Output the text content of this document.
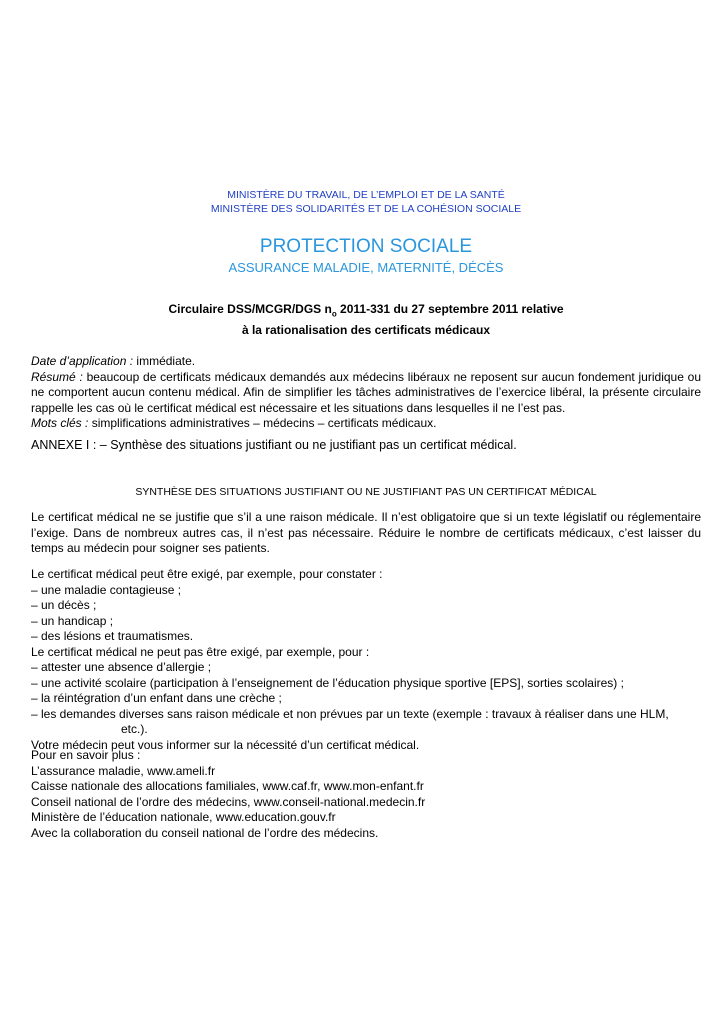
MINISTÈRE DU TRAVAIL, DE L’EMPLOI ET DE LA SANTÉ
MINISTÈRE DES SOLIDARITÉS ET DE LA COHÉSION SOCIALE
PROTECTION SOCIALE
ASSURANCE MALADIE, MATERNITÉ, DÉCÈS
Circulaire DSS/MCGR/DGS $n_o$ 2011-331 du 27 septembre 2011 relative
à la rationalisation des certificats médicaux
Date d’application : immédiate.
Résumé : beaucoup de certificats médicaux demandés aux médecins libéraux ne reposent sur aucun fondement juridique ou ne comportent aucun contenu médical. Afin de simplifier les tâches administratives de l’exercice libéral, la présente circulaire rappelle les cas où le certificat médical est nécessaire et les situations dans lesquelles il ne l’est pas.
Mots clés : simplifications administratives – médecins – certificats médicaux.
ANNEXE I : – Synthèse des situations justifiant ou ne justifiant pas un certificat médical.
SYNTHÈSE DES SITUATIONS JUSTIFIANT OU NE JUSTIFIANT PAS UN CERTIFICAT MÉDICAL
Le certificat médical ne se justifie que s’il a une raison médicale. Il n’est obligatoire que si un texte législatif ou réglementaire l’exige. Dans de nombreux autres cas, il n’est pas nécessaire. Réduire le nombre de certificats médicaux, c’est laisser du temps au médecin pour soigner ses patients.
Le certificat médical peut être exigé, par exemple, pour constater :
– une maladie contagieuse ;
– un décès ;
– un handicap ;
– des lésions et traumatismes.
Le certificat médical ne peut pas être exigé, par exemple, pour :
– attester une absence d’allergie ;
– une activité scolaire (participation à l’enseignement de l’éducation physique sportive [EPS], sorties scolaires) ;
– la réintégration d’un enfant dans une crèche ;
– les demandes diverses sans raison médicale et non prévues par un texte (exemple : travaux à réaliser dans une HLM,
etc.).
Votre médecin peut vous informer sur la nécessité d’un certificat médical.
Pour en savoir plus :
L’assurance maladie, www.ameli.fr
Caisse nationale des allocations familiales, www.caf.fr, www.mon-enfant.fr
Conseil national de l’ordre des médecins, www.conseil-national.medecin.fr
Ministère de l’éducation nationale, www.education.gouv.fr
Avec la collaboration du conseil national de l’ordre des médecins.
